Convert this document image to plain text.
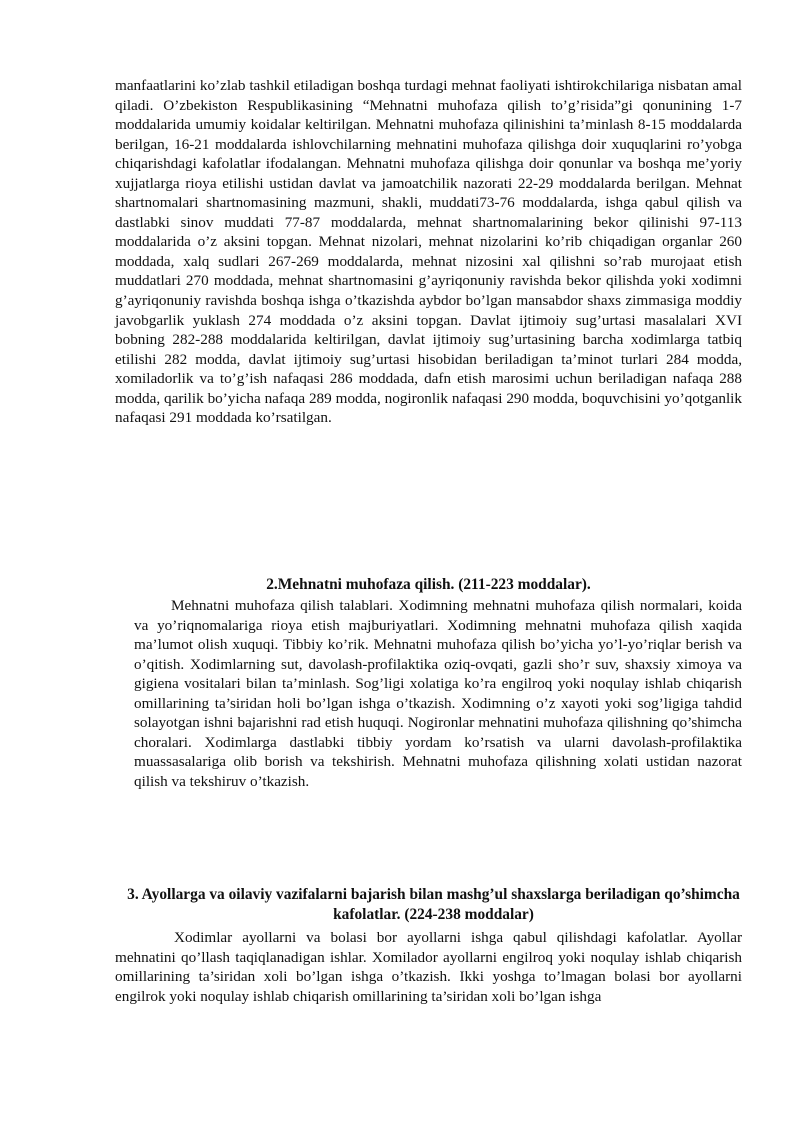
manfaatlarini ko’zlab tashkil etiladigan boshqa turdagi mehnat faoliyati ishtirokchilariga nisbatan amal qiladi. O’zbekiston Respublikasining “Mehnatni muhofaza qilish to’g’risida”gi qonunining 1-7 moddalarida umumiy koidalar keltirilgan. Mehnatni muhofaza qilinishini ta’minlash 8-15 moddalarda berilgan, 16-21 moddalarda ishlovchilarning mehnatini muhofaza qilishga doir xuquqlarini ro’yobga chiqarishdagi kafolatlar ifodalangan. Mehnatni muhofaza qilishga doir qonunlar va boshqa me’yoriy xujjatlarga rioya etilishi ustidan davlat va jamoatchilik nazorati 22-29 moddalarda berilgan. Mehnat shartnomalari shartnomasining mazmuni, shakli, muddati73-76 moddalarda, ishga qabul qilish va dastlabki sinov muddati 77-87 moddalarda, mehnat shartnomalarining bekor qilinishi 97-113 moddalarida o’z aksini topgan. Mehnat nizolari, mehnat nizolarini ko’rib chiqadigan organlar 260 moddada, xalq sudlari 267-269 moddalarda, mehnat nizosini xal qilishni so’rab murojaat etish muddatlari 270 moddada, mehnat shartnomasini g’ayriqonuniy ravishda bekor qilishda yoki xodimni g’ayriqonuniy ravishda boshqa ishga o’tkazishda aybdor bo’lgan mansabdor shaxs zimmasiga moddiy javobgarlik yuklash 274 moddada o’z aksini topgan. Davlat ijtimoiy sug’urtasi masalalari XVI bobning 282-288 moddalarida keltirilgan, davlat ijtimoiy sug’urtasining barcha xodimlarga tatbiq etilishi 282 modda, davlat ijtimoiy sug’urtasi hisobidan beriladigan ta’minot turlari 284 modda, xomiladorlik va to’g’ish nafaqasi 286 moddada, dafn etish marosimi uchun beriladigan nafaqa 288 modda, qarilik bo’yicha nafaqa 289 modda, nogironlik nafaqasi 290 modda, boquvchisini yo’qotganlik nafaqasi 291 moddada ko’rsatilgan.

2.Mehnatni muhofaza qilish. (211-223 moddalar).

Mehnatni muhofaza qilish talablari. Xodimning mehnatni muhofaza qilish normalari, koida va yo’riqnomalariga rioya etish majburiyatlari. Xodimning mehnatni muhofaza qilish xaqida ma’lumot olish xuquqi. Tibbiy ko’rik. Mehnatni muhofaza qilish bo’yicha yo’l-yo’riqlar berish va o’qitish. Xodimlarning sut, davolash-profilaktika oziq-ovqati, gazli sho’r suv, shaxsiy ximoya va gigiena vositalari bilan ta’minlash. Sog’ligi xolatiga ko’ra engilroq yoki noqulay ishlab chiqarish omillarining ta’siridan holi bo’lgan ishga o’tkazish. Xodimning o’z xayoti yoki sog’ligiga tahdid solayotgan ishni bajarishni rad etish huquqi. Nogironlar mehnatini muhofaza qilishning qo’shimcha choralari. Xodimlarga dastlabki tibbiy yordam ko’rsatish va ularni davolash-profilaktika muassasalariga olib borish va tekshirish. Mehnatni muhofaza qilishning xolati ustidan nazorat qilish va tekshiruv o’tkazish.

3. Ayollarga va oilaviy vazifalarni bajarish bilan mashg’ul shaxslarga beriladigan qo’shimcha kafolatlar. (224-238 moddalar)

Xodimlar ayollarni va bolasi bor ayollarni ishga qabul qilishdagi kafolatlar. Ayollar mehnatini qo’llash taqiqlanadigan ishlar. Xomilador ayollarni engilroq yoki noqulay ishlab chiqarish omillarining ta’siridan xoli bo’lgan ishga o’tkazish. Ikki yoshga to’lmagan bolasi bor ayollarni engilrok yoki noqulay ishlab chiqarish omillarining ta’siridan xoli bo’lgan ishga
